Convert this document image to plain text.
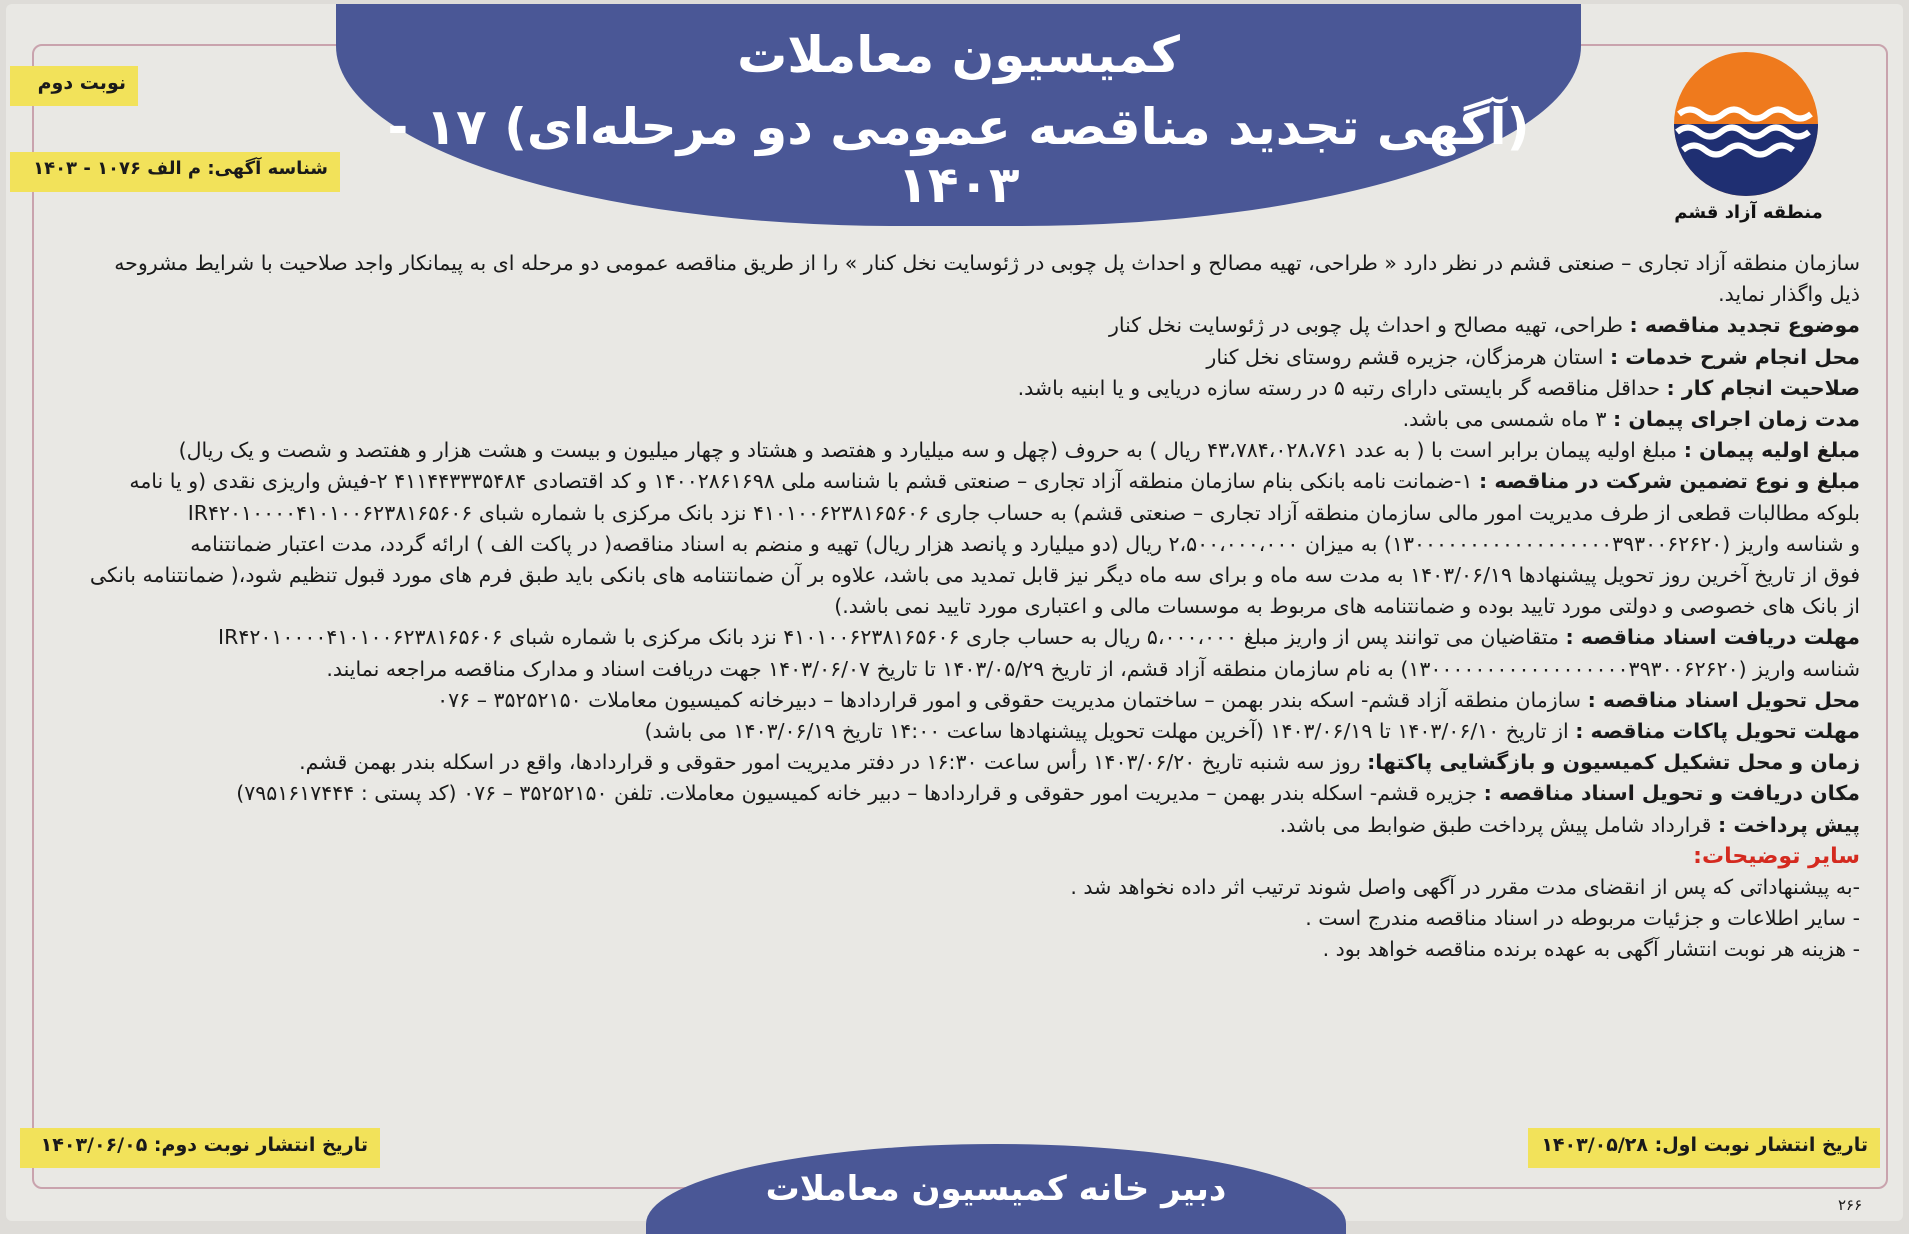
کمیسیون معاملات
(آگهی تجدید مناقصه عمومی دو مرحله‌ای) ۱۷ - ۱۴۰۳
نوبت دوم
شناسه آگهی: م الف ۱۰۷۶ - ۱۴۰۳
منطقه آزاد قشم

سازمان منطقه آزاد تجاری – صنعتی قشم در نظر دارد « طراحی، تهیه مصالح و احداث پل چوبی در ژئوسایت نخل کنار » را از طریق مناقصه عمومی دو مرحله ای به پیمانکار واجد صلاحیت با شرایط مشروحه

ذیل واگذار نماید.

موضوع تجدید مناقصه : طراحی، تهیه مصالح و احداث پل چوبی در ژئوسایت نخل کنار

محل انجام شرح خدمات : استان هرمزگان، جزیره قشم روستای نخل کنار

صلاحیت انجام کار : حداقل مناقصه گر بایستی دارای رتبه ۵ در رسته سازه دریایی و یا ابنیه باشد.

مدت زمان اجرای پیمان : ۳ ماه شمسی می باشد.

مبلغ اولیه پیمان : مبلغ اولیه پیمان برابر است با ( به عدد ۴۳،۷۸۴،۰۲۸،۷۶۱ ریال ) به حروف (چهل و سه میلیارد و هفتصد و هشتاد و چهار میلیون و بیست و هشت هزار و هفتصد و شصت و یک ریال)

مبلغ و نوع تضمین شرکت در مناقصه : ۱-ضمانت نامه بانکی بنام سازمان منطقه آزاد تجاری – صنعتی قشم با شناسه ملی ۱۴۰۰۲۸۶۱۶۹۸ و کد اقتصادی ۴۱۱۴۴۳۳۳۵۴۸۴ ۲-فیش واریزی نقدی (و یا نامه

بلوکه مطالبات قطعی از طرف مدیریت امور مالی سازمان منطقه آزاد تجاری – صنعتی قشم) به حساب جاری ۴۱۰۱۰۰۶۲۳۸۱۶۵۶۰۶ نزد بانک مرکزی با شماره شبای IR۴۲۰۱۰۰۰۰۴۱۰۱۰۰۶۲۳۸۱۶۵۶۰۶

و شناسه واریز (۱۳۰۰۰۰۰۰۰۰۰۰۰۰۰۰۰۰۰۰۳۹۳۰۰۶۲۶۲۰) به میزان ۲،۵۰۰،۰۰۰،۰۰۰ ریال (دو میلیارد و پانصد هزار ریال) تهیه و منضم به اسناد مناقصه( در پاکت الف ) ارائه گردد، مدت اعتبار ضمانتنامه

فوق از تاریخ آخرین روز تحویل پیشنهادها ۱۴۰۳/۰۶/۱۹ به مدت سه ماه و برای سه ماه دیگر نیز قابل تمدید می باشد، علاوه بر آن ضمانتنامه های بانکی باید طبق فرم های مورد قبول تنظیم شود،( ضمانتنامه بانکی

از بانک های خصوصی و دولتی مورد تایید بوده و ضمانتنامه های مربوط به موسسات مالی و اعتباری مورد تایید نمی باشد.)

مهلت دریافت اسناد مناقصه : متقاضیان می توانند پس از واریز مبلغ ۵،۰۰۰،۰۰۰ ریال به حساب جاری ۴۱۰۱۰۰۶۲۳۸۱۶۵۶۰۶ نزد بانک مرکزی با شماره شبای IR۴۲۰۱۰۰۰۰۴۱۰۱۰۰۶۲۳۸۱۶۵۶۰۶

شناسه واریز (۱۳۰۰۰۰۰۰۰۰۰۰۰۰۰۰۰۰۰۰۳۹۳۰۰۶۲۶۲۰) به نام سازمان منطقه آزاد قشم، از تاریخ ۱۴۰۳/۰۵/۲۹ تا تاریخ ۱۴۰۳/۰۶/۰۷ جهت دریافت اسناد و مدارک مناقصه مراجعه نمایند.

محل تحویل اسناد مناقصه : سازمان منطقه آزاد قشم- اسکه بندر بهمن – ساختمان مدیریت حقوقی و امور قراردادها – دبیرخانه کمیسیون معاملات ۳۵۲۵۲۱۵۰ – ۰۷۶

مهلت تحویل پاکات مناقصه : از تاریخ ۱۴۰۳/۰۶/۱۰ تا ۱۴۰۳/۰۶/۱۹ (آخرین مهلت تحویل پیشنهادها ساعت ۱۴:۰۰ تاریخ ۱۴۰۳/۰۶/۱۹ می باشد)

زمان و محل تشکیل کمیسیون و بازگشایی پاکتها: روز سه شنبه تاریخ ۱۴۰۳/۰۶/۲۰ رأس ساعت ۱۶:۳۰ در دفتر مدیریت امور حقوقی و قراردادها، واقع در اسکله بندر بهمن قشم.

مکان دریافت و تحویل اسناد مناقصه : جزیره قشم- اسکله بندر بهمن – مدیریت امور حقوقی و قراردادها – دبیر خانه کمیسیون معاملات. تلفن ۳۵۲۵۲۱۵۰ – ۰۷۶ (کد پستی : ۷۹۵۱۶۱۷۴۴۴)

پیش پرداخت : قرارداد شامل پیش پرداخت طبق ضوابط می باشد.

سایر توضیحات:

-به پیشنهاداتی که پس از انقضای مدت مقرر در آگهی واصل شوند ترتیب اثر داده نخواهد شد .

- سایر اطلاعات و جزئیات مربوطه در اسناد مناقصه مندرج است .

- هزینه هر نوبت انتشار آگهی به عهده برنده مناقصه خواهد بود .

تاریخ انتشار نوبت دوم: ۱۴۰۳/۰۶/۰۵	تاریخ انتشار نوبت اول: ۱۴۰۳/۰۵/۲۸
دبیر خانه کمیسیون معاملات	۲۶۶
